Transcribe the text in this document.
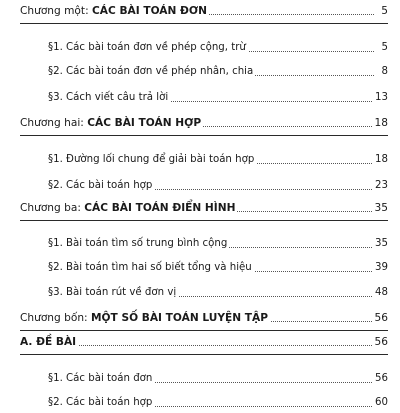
Chương một: CÁC BÀI TOÁN ĐƠN	5
§1. Các bài toán đơn về phép cộng, trừ	5
§2. Các bài toán đơn về phép nhân, chia	8
§3. Cách viết câu trả lời	13
Chương hai: CÁC BÀI TOÁN HỢP	18
§1. Đường lối chung để giải bài toán hợp	18
§2. Các bài toán hợp	23
Chương ba: CÁC BÀI TOÁN ĐIỂN HÌNH	35
§1. Bài toán tìm số trung bình cộng	35
§2. Bài toán tìm hai số biết tổng và hiệu	39
§3. Bài toán rút về đơn vị	48
Chương bốn: MỘT SỐ BÀI TOÁN LUYỆN TẬP	56
A. ĐỀ BÀI	56
§1. Các bài toán đơn	56
§2. Các bài toán hợp	60
